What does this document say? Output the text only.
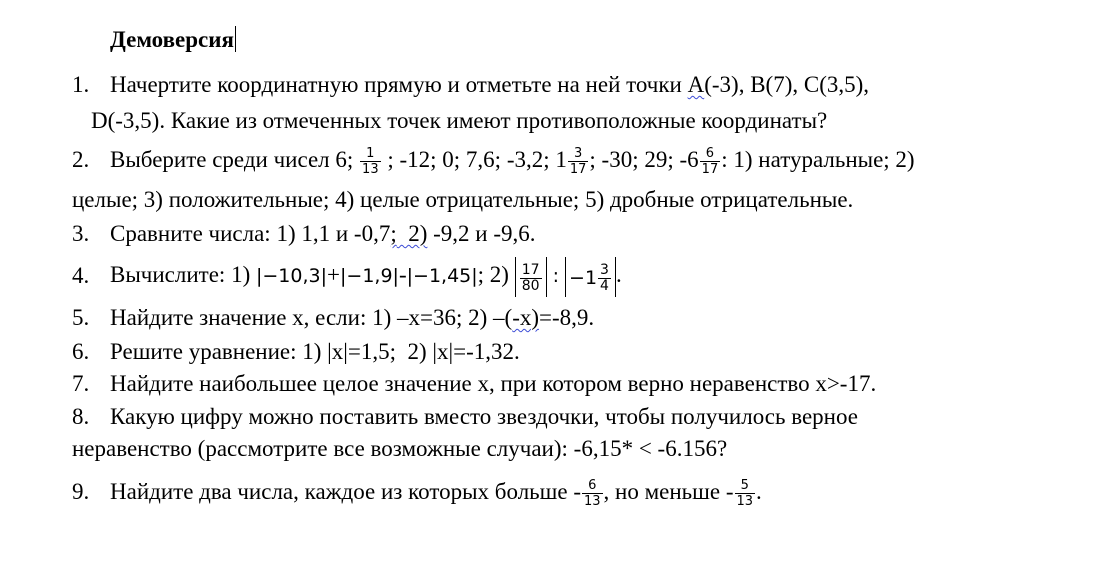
Демоверсия
1. Начертите координатную прямую и отметьте на ней точки А(-3), В(7), С(3,5),
D(-3,5). Какие из отмеченных точек имеют противоположные координаты?
2. Выберите среди чисел 6; $\frac{1}{13}$ ; -12; 0; 7,6; -3,2; $1 \frac{3}{17}$ ; -30; 29; $-6 \frac{6}{17}$ : 1) натуральные; 2)
целые; 3) положительные; 4) целые отрицательные; 5) дробные отрицательные.
3. Сравните числа: 1) 1,1 и -0,7;  2) -9,2 и -9,6.
4. Вычислите: 1) |−10,3|+|−1,9|-|−1,45|; $2) \frac{17}{80}$ : $-1 \frac{3}{4}$ .
5. Найдите значение x, если: 1) –x=36; 2) –(-x)=-8,9.
6. Решите уравнение: 1) |x|=1,5;  2) |x|=-1,32.
7. Найдите наибольшее целое значение x, при котором верно неравенство x>-17.
8. Какую цифру можно поставить вместо звездочки, чтобы получилось верное
неравенство (рассмотрите все возможные случаи): -6,15* < -6.156?
9. Найдите два числа, каждое из которых больше - $\frac{6}{13}$ , но меньше - $\frac{5}{13}$ .
